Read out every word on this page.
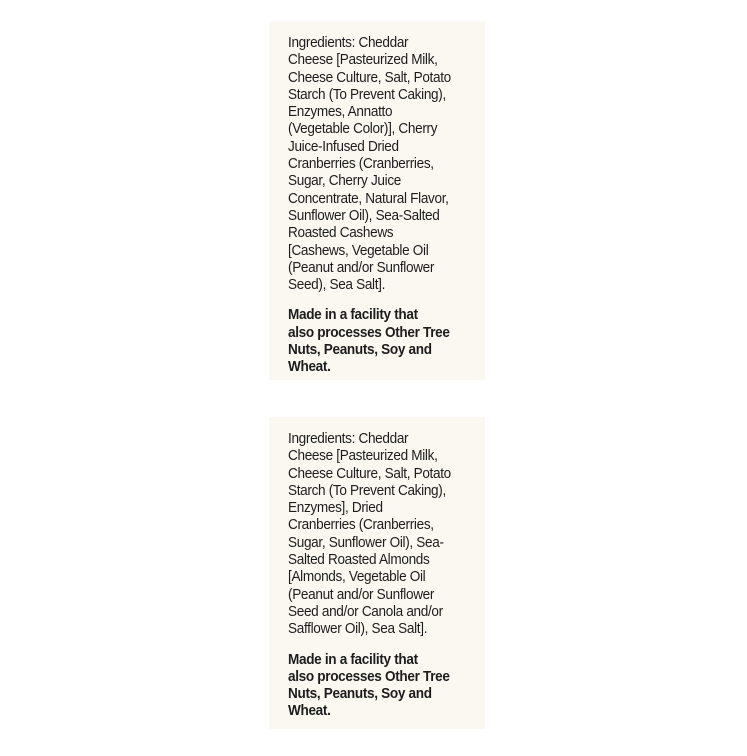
Ingredients: Cheddar
Cheese [Pasteurized Milk,
Cheese Culture, Salt, Potato
Starch (To Prevent Caking),
Enzymes, Annatto
(Vegetable Color)], Cherry
Juice-Infused Dried
Cranberries (Cranberries,
Sugar, Cherry Juice
Concentrate, Natural Flavor,
Sunflower Oil), Sea-Salted
Roasted Cashews
[Cashews, Vegetable Oil
(Peanut and/or Sunflower
Seed), Sea Salt].

Made in a facility that
also processes Other Tree
Nuts, Peanuts, Soy and
Wheat.

Ingredients: Cheddar
Cheese [Pasteurized Milk,
Cheese Culture, Salt, Potato
Starch (To Prevent Caking),
Enzymes], Dried
Cranberries (Cranberries,
Sugar, Sunflower Oil), Sea-
Salted Roasted Almonds
[Almonds, Vegetable Oil
(Peanut and/or Sunflower
Seed and/or Canola and/or
Safflower Oil), Sea Salt].

Made in a facility that
also processes Other Tree
Nuts, Peanuts, Soy and
Wheat.
